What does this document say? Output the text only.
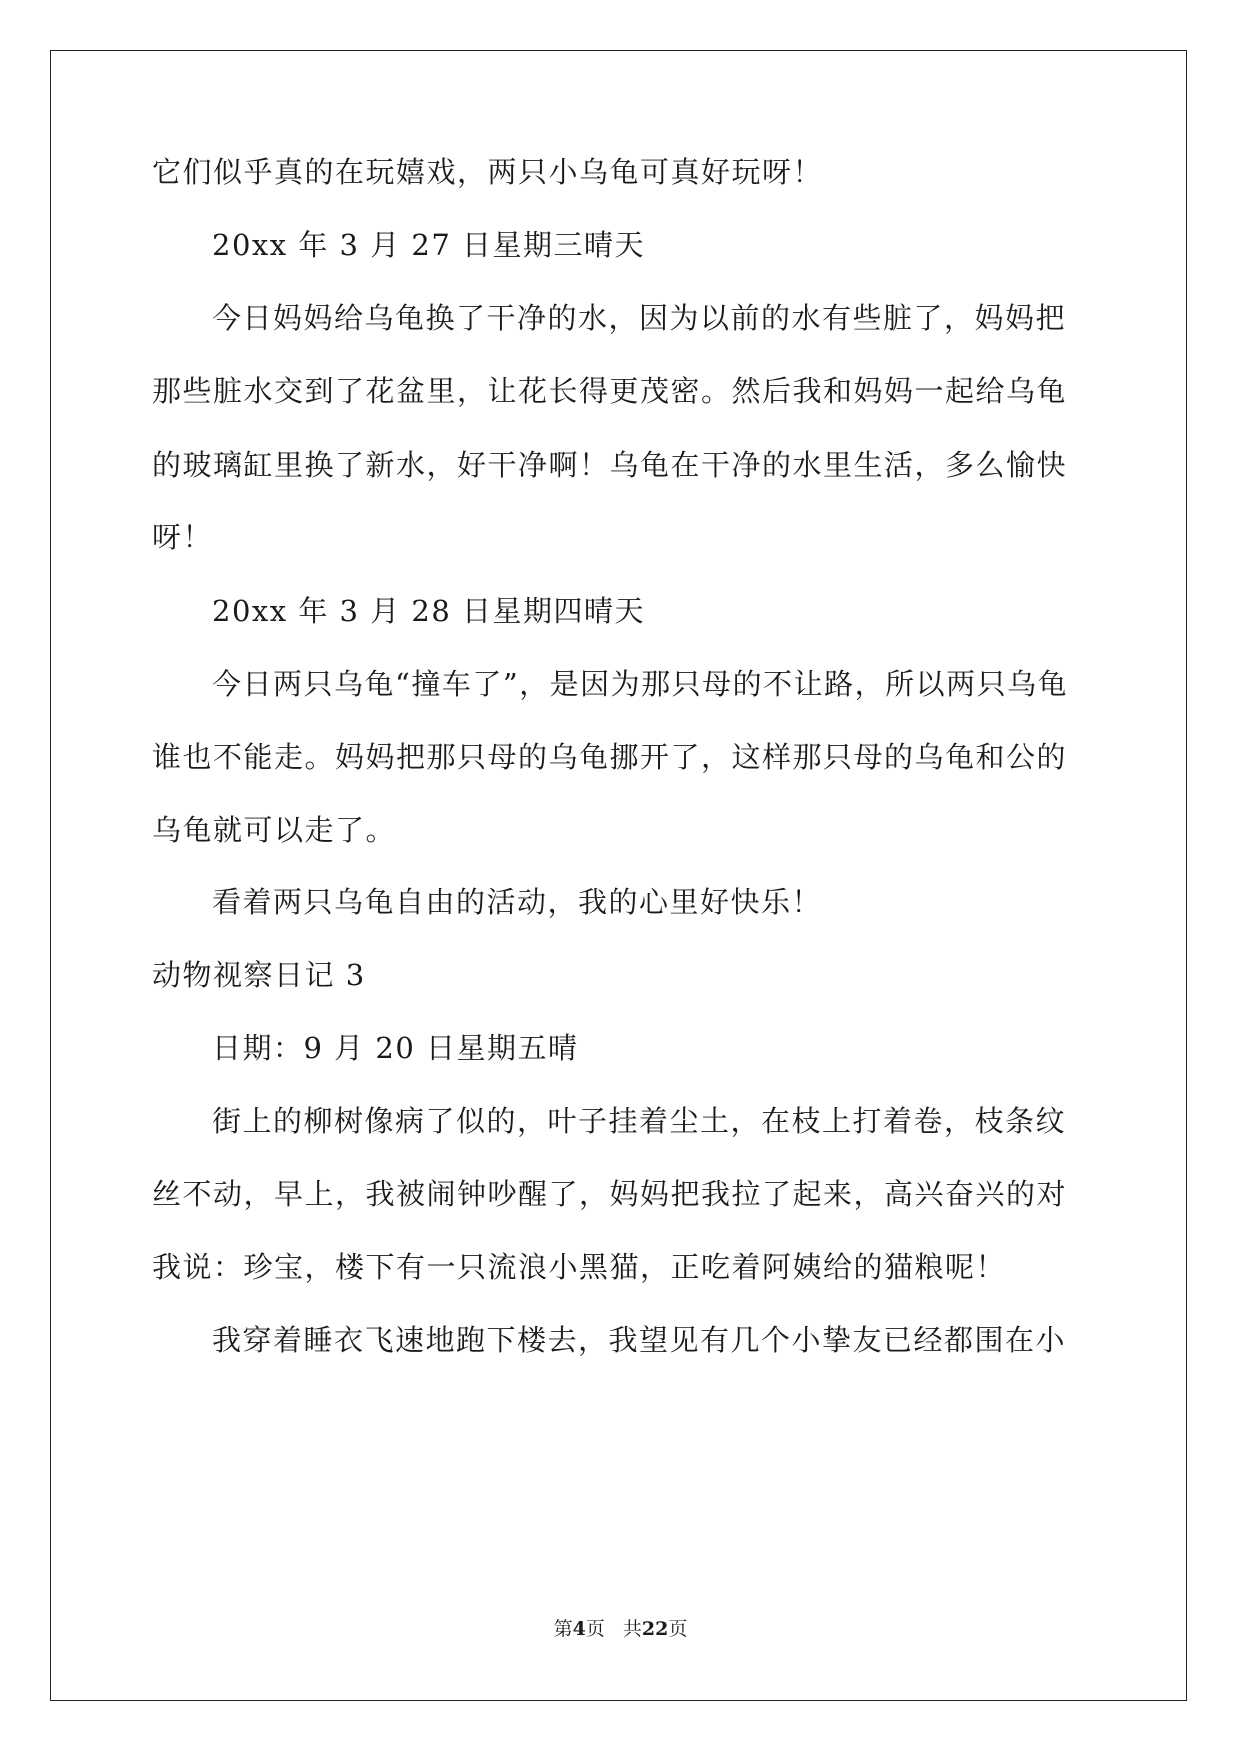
它们似乎真的在玩嬉戏，两只小乌龟可真好玩呀！
20xx 年 3 月 27 日星期三晴天
今日妈妈给乌龟换了干净的水，因为以前的水有些脏了，妈妈把
那些脏水交到了花盆里，让花长得更茂密。然后我和妈妈一起给乌龟
的玻璃缸里换了新水，好干净啊！乌龟在干净的水里生活，多么愉快
呀！
20xx 年 3 月 28 日星期四晴天
今日两只乌龟“撞车了”，是因为那只母的不让路，所以两只乌龟
谁也不能走。妈妈把那只母的乌龟挪开了，这样那只母的乌龟和公的
乌龟就可以走了。
看着两只乌龟自由的活动，我的心里好快乐！
动物视察日记 3
日期：9 月 20 日星期五晴
街上的柳树像病了似的，叶子挂着尘土，在枝上打着卷，枝条纹
丝不动，早上，我被闹钟吵醒了，妈妈把我拉了起来，高兴奋兴的对
我说：珍宝，楼下有一只流浪小黑猫，正吃着阿姨给的猫粮呢！
我穿着睡衣飞速地跑下楼去，我望见有几个小挚友已经都围在小
第4页 共22页
